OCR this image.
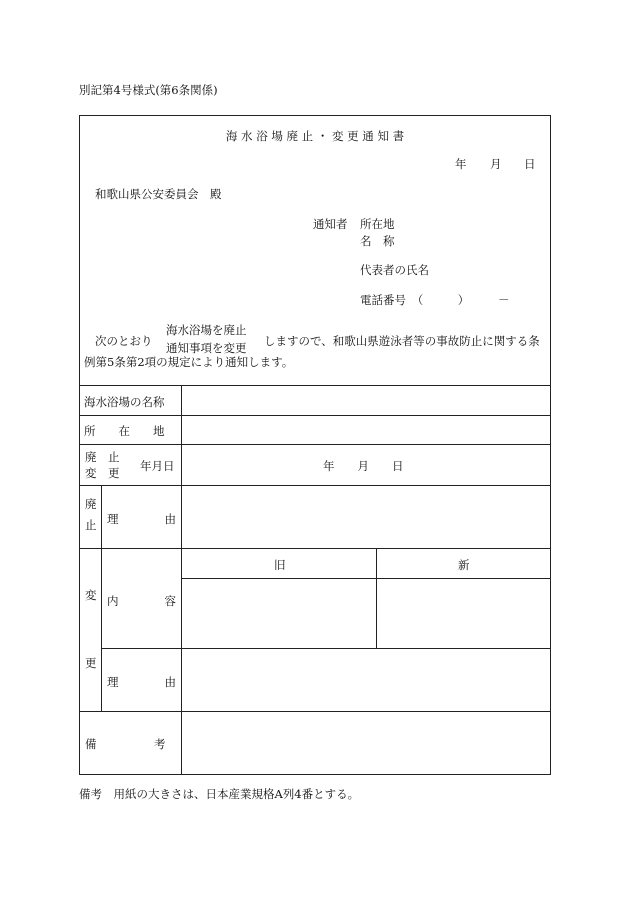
別記第4号様式(第6条関係)
海 水 浴 場 廃 止 ・ 変 更 通 知 書
年 月 日
和歌山県公安委員会　殿
通知者 所在地
名　称
代表者の氏名
電話番号　（　　　）　　　－
次のとおり
海水浴場を廃止
通知事項を変更 しますので、和歌山県遊泳者等の事故防止に関する条
例第5条第2項の規定により通知します。
海水浴場の名称
所　　在　　地
廃　止
変　更 年月日	年　　月　　日
廃
止 理　　　　由
変
更
内　　　　容
旧	新
理　　　　由
備　　　　　考
備考　用紙の大きさは、日本産業規格A列4番とする。
